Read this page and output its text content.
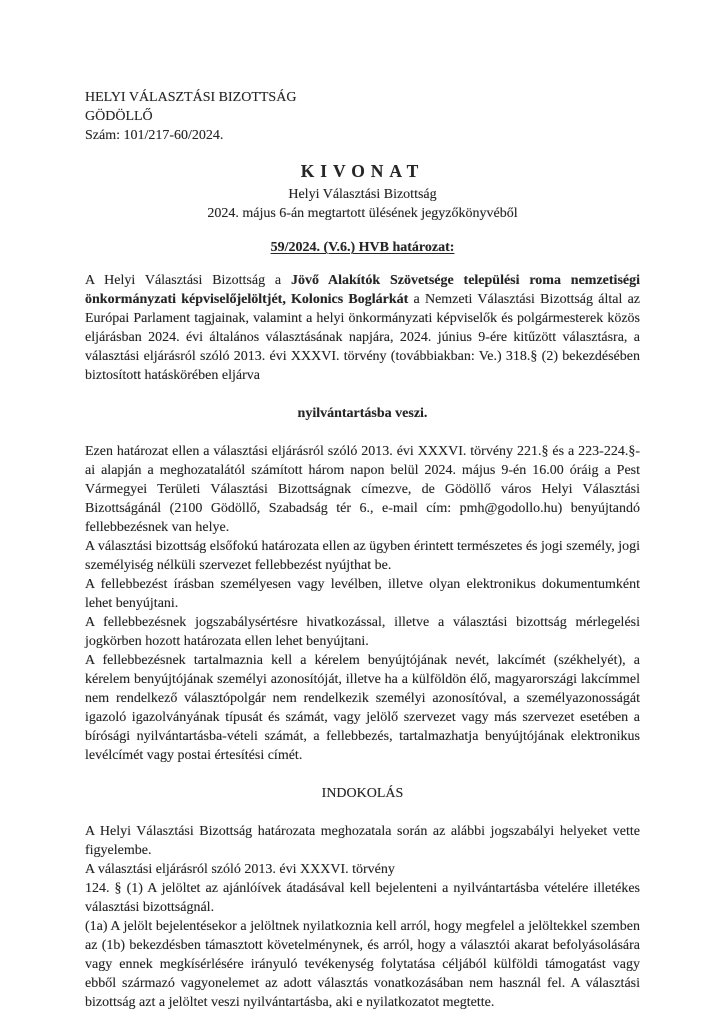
HELYI VÁLASZTÁSI BIZOTTSÁG

GÖDÖLLŐ

Szám: 101/217-60/2024.

KIVONAT

Helyi Választási Bizottság

2024. május 6-án megtartott ülésének jegyzőkönyvéből

59/2024. (V.6.) HVB határozat:

A Helyi Választási Bizottság a Jövő Alakítók Szövetsége települési roma nemzetiségi önkormányzati képviselőjelöltjét, Kolonics Boglárkát a Nemzeti Választási Bizottság által az Európai Parlament tagjainak, valamint a helyi önkormányzati képviselők és polgármesterek közös eljárásban 2024. évi általános választásának napjára, 2024. június 9-ére kitűzött választásra, a választási eljárásról szóló 2013. évi XXXVI. törvény (továbbiakban: Ve.) 318.§ (2) bekezdésében biztosított hatáskörében eljárva

nyilvántartásba veszi.

Ezen határozat ellen a választási eljárásról szóló 2013. évi XXXVI. törvény 221.§ és a 223-224.§-ai alapján a meghozatalától számított három napon belül 2024. május 9-én 16.00 óráig a Pest Vármegyei Területi Választási Bizottságnak címezve, de Gödöllő város Helyi Választási Bizottságánál (2100 Gödöllő, Szabadság tér 6., e-mail cím: pmh@godollo.hu) benyújtandó fellebbezésnek van helye.

A választási bizottság elsőfokú határozata ellen az ügyben érintett természetes és jogi személy, jogi személyiség nélküli szervezet fellebbezést nyújthat be.

A fellebbezést írásban személyesen vagy levélben, illetve olyan elektronikus dokumentumként lehet benyújtani.

A fellebbezésnek jogszabálysértésre hivatkozással, illetve a választási bizottság mérlegelési jogkörben hozott határozata ellen lehet benyújtani.

A fellebbezésnek tartalmaznia kell a kérelem benyújtójának nevét, lakcímét (székhelyét), a kérelem benyújtójának személyi azonosítóját, illetve ha a külföldön élő, magyarországi lakcímmel nem rendelkező választópolgár nem rendelkezik személyi azonosítóval, a személyazonosságát igazoló igazolványának típusát és számát, vagy jelölő szervezet vagy más szervezet esetében a bírósági nyilvántartásba-vételi számát, a fellebbezés, tartalmazhatja benyújtójának elektronikus levélcímét vagy postai értesítési címét.

INDOKOLÁS

A Helyi Választási Bizottság határozata meghozatala során az alábbi jogszabályi helyeket vette figyelembe.

A választási eljárásról szóló 2013. évi XXXVI. törvény

124. § (1) A jelöltet az ajánlóívek átadásával kell bejelenteni a nyilvántartásba vételére illetékes választási bizottságnál.

(1a) A jelölt bejelentésekor a jelöltnek nyilatkoznia kell arról, hogy megfelel a jelöltekkel szemben az (1b) bekezdésben támasztott követelménynek, és arról, hogy a választói akarat befolyásolására vagy ennek megkísérlésére irányuló tevékenység folytatása céljából külföldi támogatást vagy ebből származó vagyonelemet az adott választás vonatkozásában nem használ fel. A választási bizottság azt a jelöltet veszi nyilvántartásba, aki e nyilatkozatot megtette.
